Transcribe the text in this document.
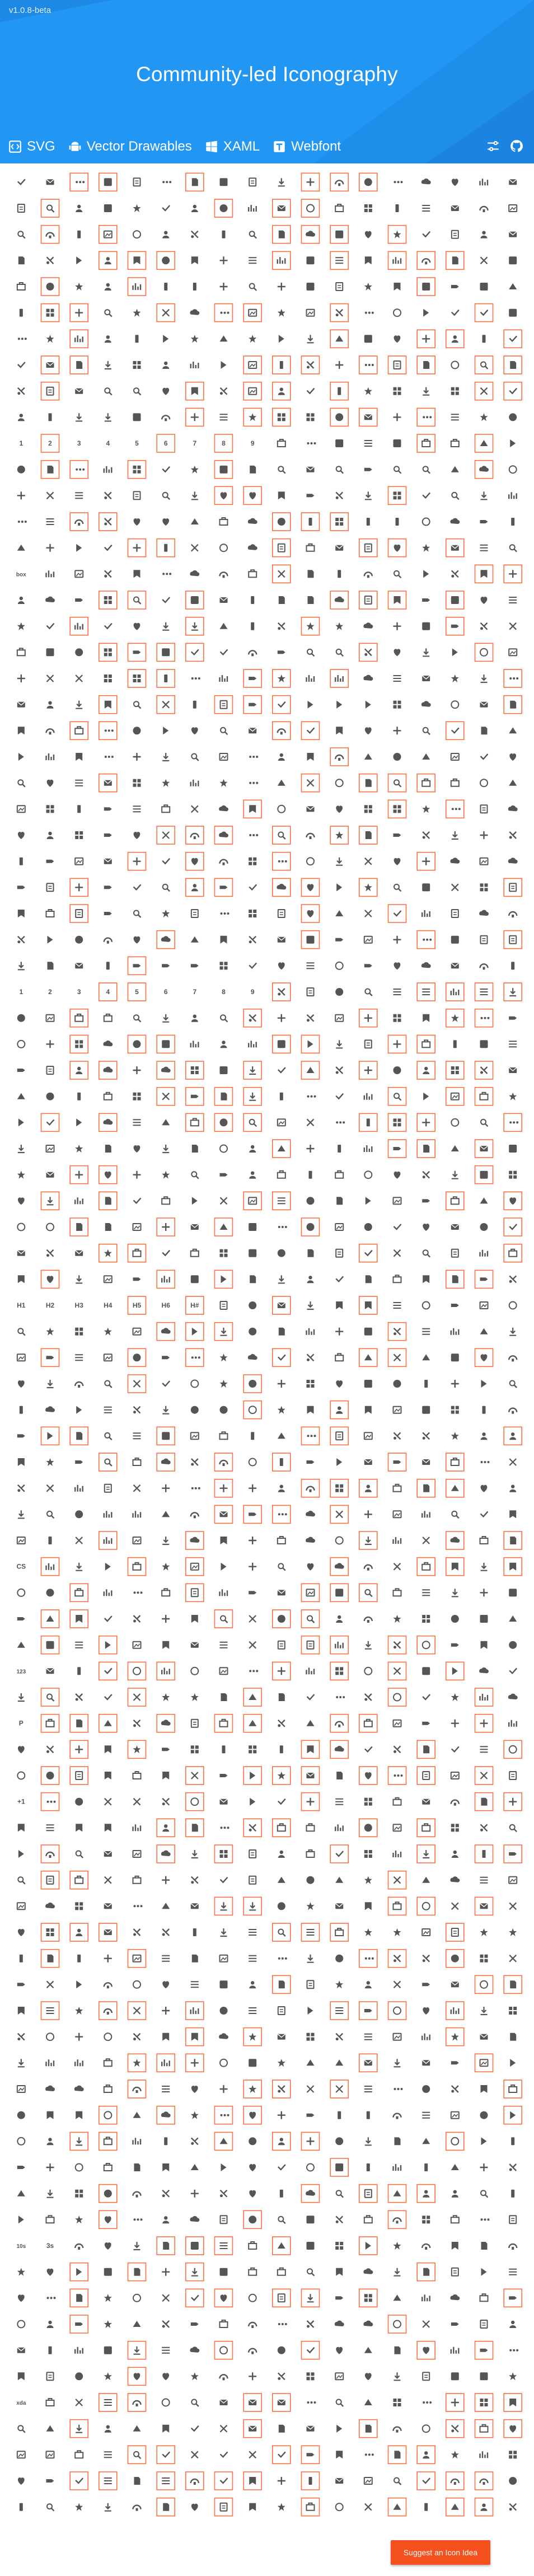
v1.0.8-beta
Community-led Iconography
SVG Vector Drawables XAML Webfont
1	2	3	4	5	6	7	8	9
box
1	2	3	4	5	6	7	8	9
H1	H2	H3	H4	H5	H6	H#
CS
123
P
+1
10s	3s
xda
Suggest an Icon Idea
